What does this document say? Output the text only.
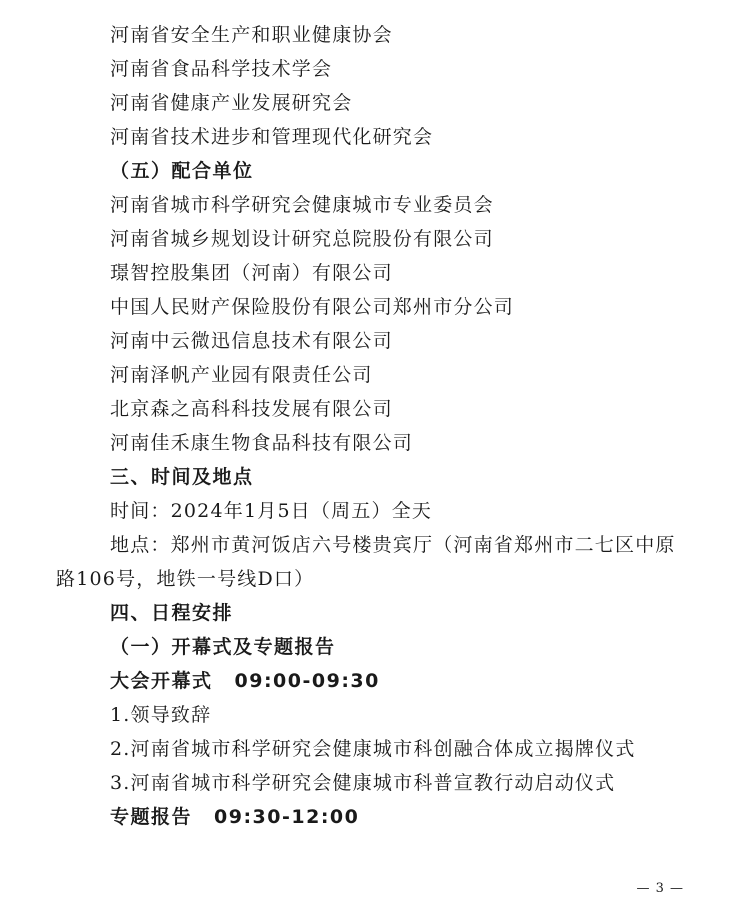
河南省安全生产和职业健康协会
河南省食品科学技术学会
河南省健康产业发展研究会
河南省技术进步和管理现代化研究会
（五）配合单位
河南省城市科学研究会健康城市专业委员会
河南省城乡规划设计研究总院股份有限公司
璟智控股集团（河南）有限公司
中国人民财产保险股份有限公司郑州市分公司
河南中云微迅信息技术有限公司
河南泽帆产业园有限责任公司
北京森之高科科技发展有限公司
河南佳禾康生物食品科技有限公司
三、时间及地点
时间：2024年1月5日（周五）全天
地点：郑州市黄河饭店六号楼贵宾厅（河南省郑州市二七区中原
路106号，地铁一号线D口）
四、日程安排
（一）开幕式及专题报告
大会开幕式 09:00-09:30
1.领导致辞
2.河南省城市科学研究会健康城市科创融合体成立揭牌仪式
3.河南省城市科学研究会健康城市科普宣教行动启动仪式
专题报告 09:30-12:00
— 3 —
